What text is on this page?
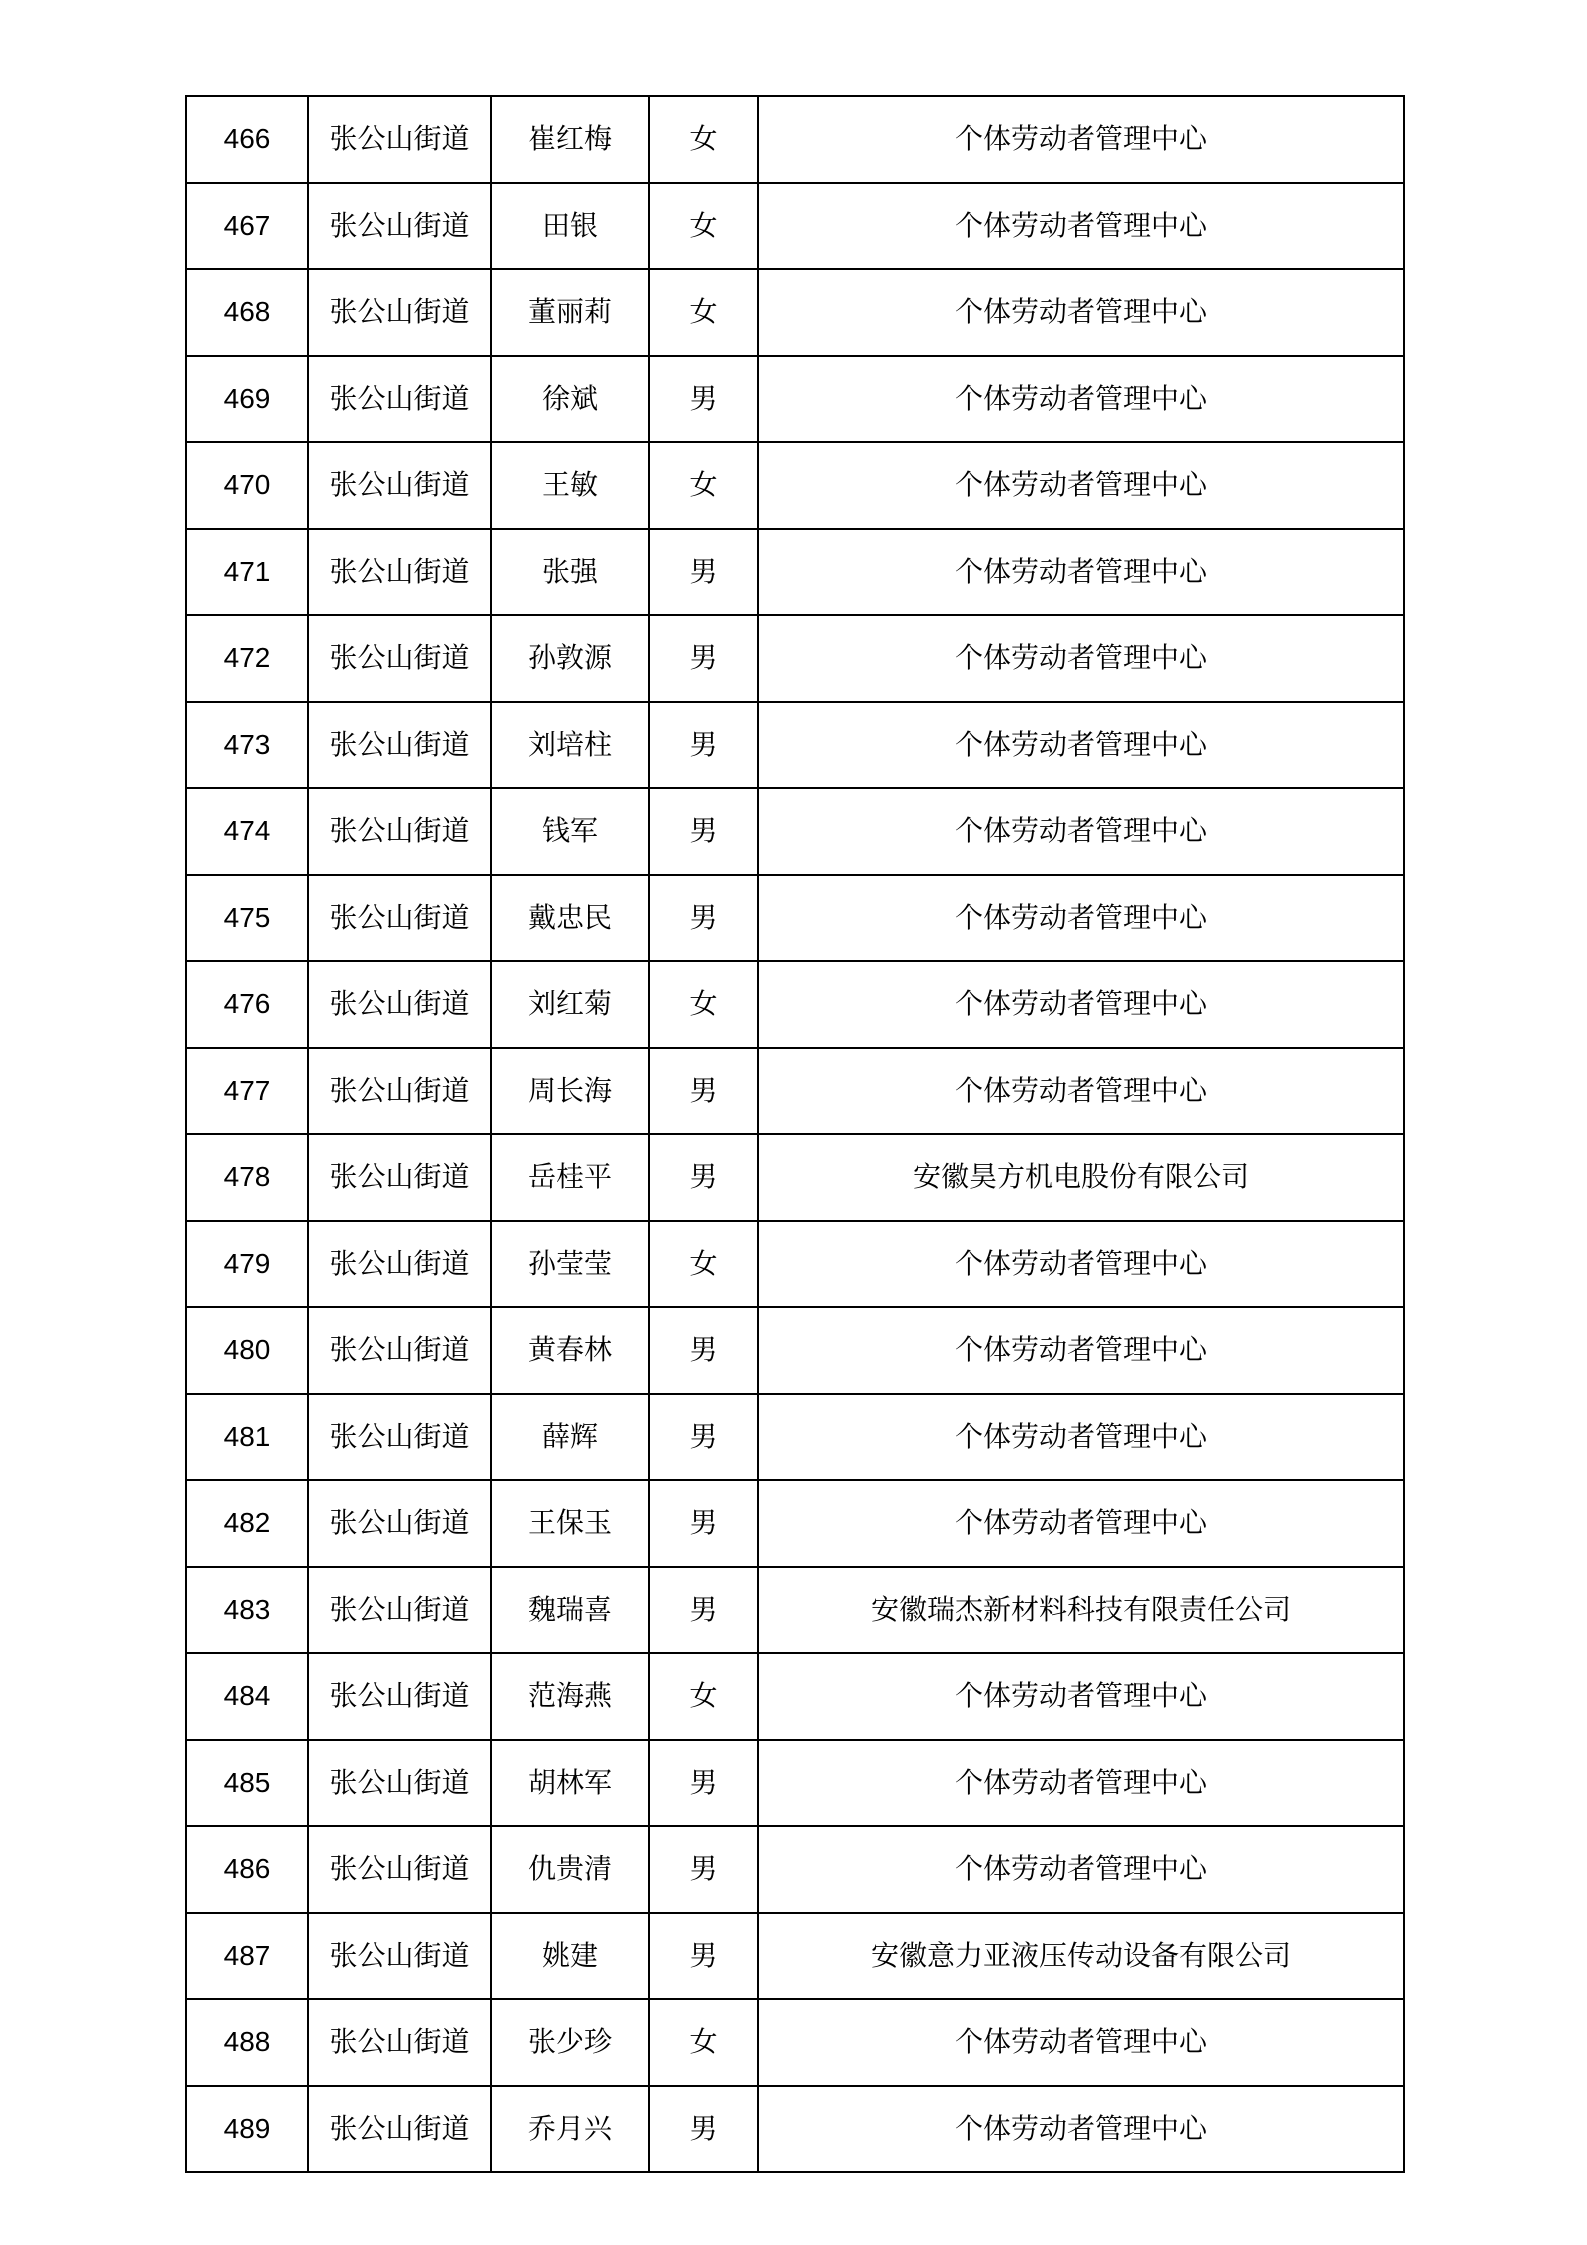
466	张公山街道	崔红梅	女	个体劳动者管理中心
467	张公山街道	田银	女	个体劳动者管理中心
468	张公山街道	董丽莉	女	个体劳动者管理中心
469	张公山街道	徐斌	男	个体劳动者管理中心
470	张公山街道	王敏	女	个体劳动者管理中心
471	张公山街道	张强	男	个体劳动者管理中心
472	张公山街道	孙敦源	男	个体劳动者管理中心
473	张公山街道	刘培柱	男	个体劳动者管理中心
474	张公山街道	钱军	男	个体劳动者管理中心
475	张公山街道	戴忠民	男	个体劳动者管理中心
476	张公山街道	刘红菊	女	个体劳动者管理中心
477	张公山街道	周长海	男	个体劳动者管理中心
478	张公山街道	岳桂平	男	安徽昊方机电股份有限公司
479	张公山街道	孙莹莹	女	个体劳动者管理中心
480	张公山街道	黄春林	男	个体劳动者管理中心
481	张公山街道	薛辉	男	个体劳动者管理中心
482	张公山街道	王保玉	男	个体劳动者管理中心
483	张公山街道	魏瑞喜	男	安徽瑞杰新材料科技有限责任公司
484	张公山街道	范海燕	女	个体劳动者管理中心
485	张公山街道	胡林军	男	个体劳动者管理中心
486	张公山街道	仇贵清	男	个体劳动者管理中心
487	张公山街道	姚建	男	安徽意力亚液压传动设备有限公司
488	张公山街道	张少珍	女	个体劳动者管理中心
489	张公山街道	乔月兴	男	个体劳动者管理中心
